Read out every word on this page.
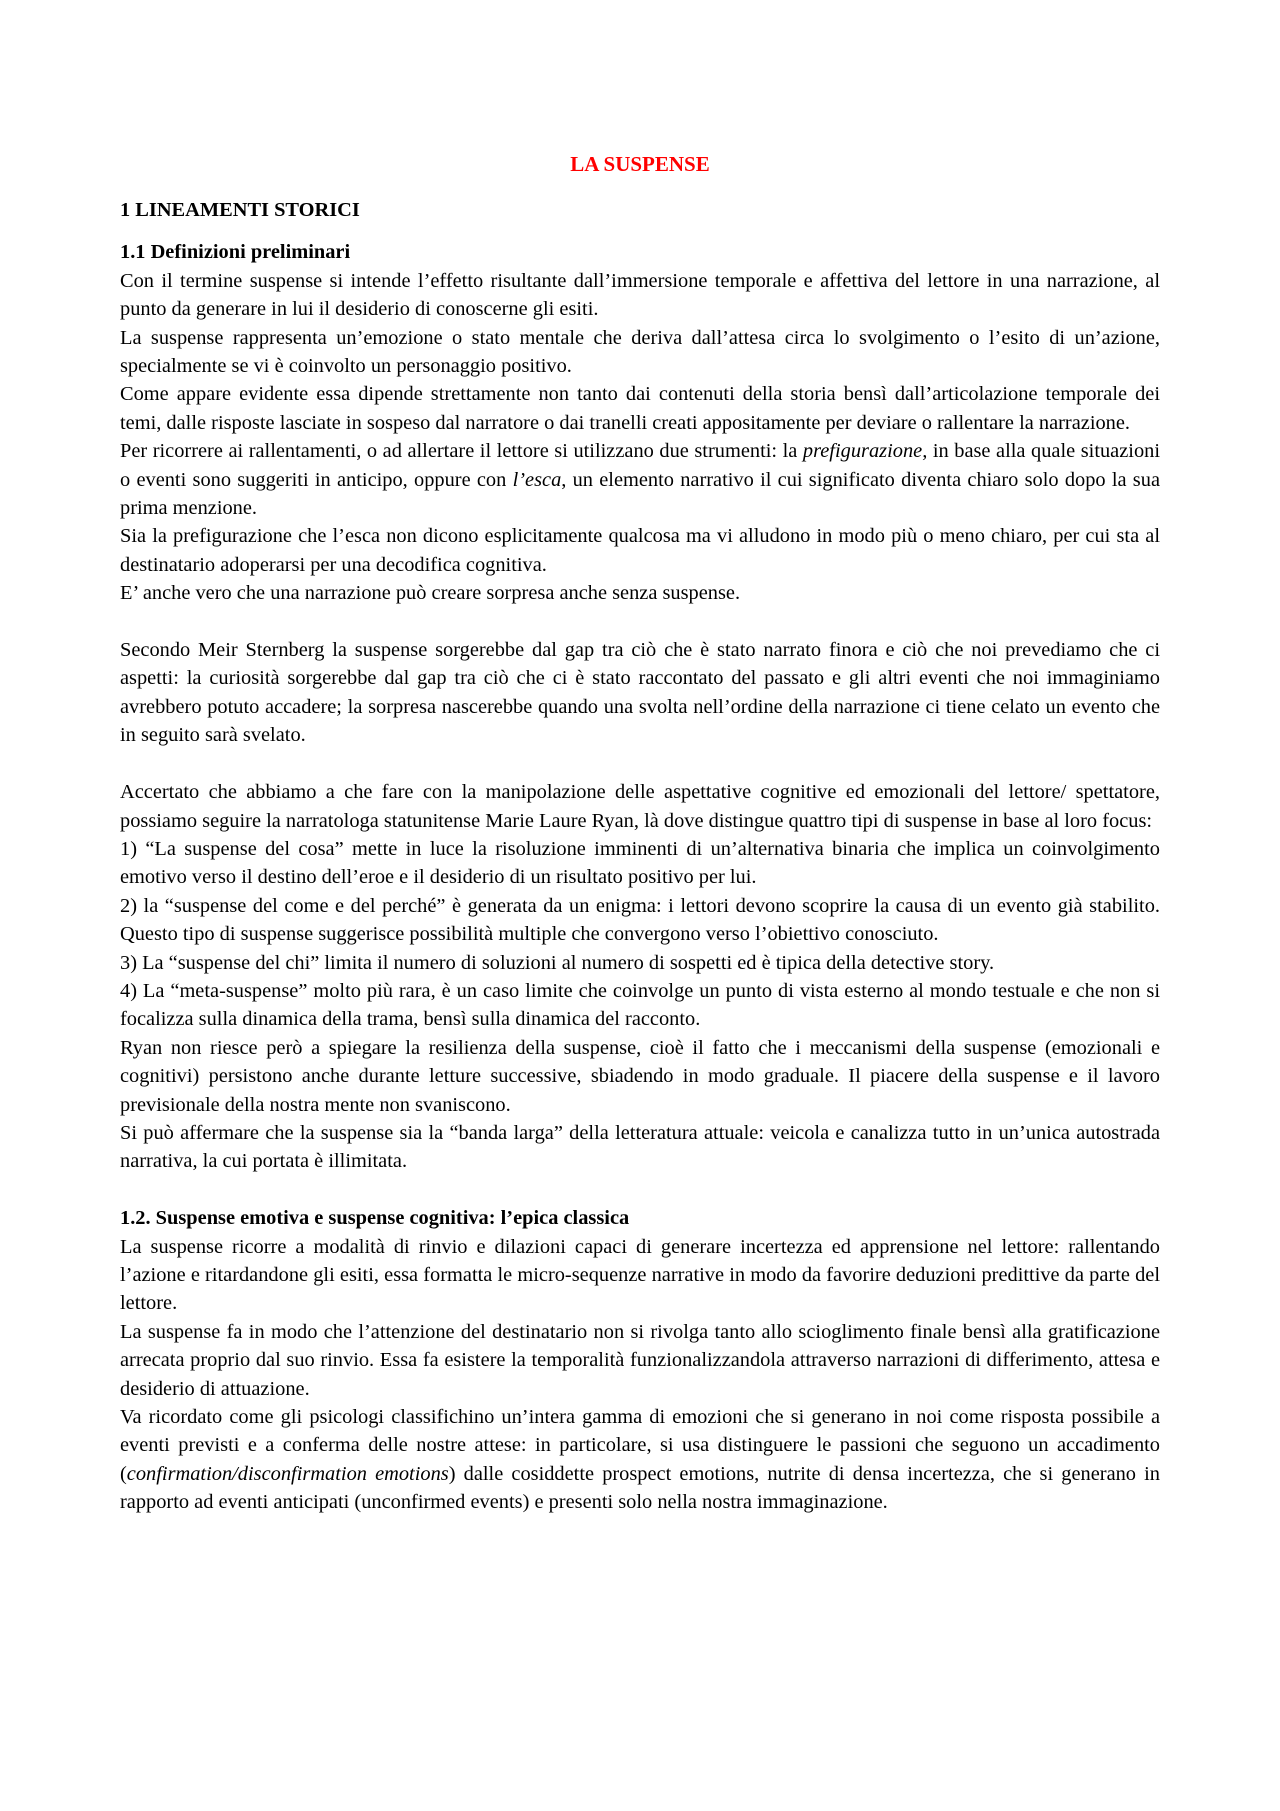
LA SUSPENSE
1 LINEAMENTI STORICI
1.1 Definizioni preliminari

Con il termine suspense si intende l’effetto risultante dall’immersione temporale e affettiva del lettore in una narrazione, al punto da generare in lui il desiderio di conoscerne gli esiti.

La suspense rappresenta un’emozione o stato mentale che deriva dall’attesa circa lo svolgimento o l’esito di un’azione, specialmente se vi è coinvolto un personaggio positivo.

Come appare evidente essa dipende strettamente non tanto dai contenuti della storia bensì dall’articolazione temporale dei temi, dalle risposte lasciate in sospeso dal narratore o dai tranelli creati appositamente per deviare o rallentare la narrazione.

Per ricorrere ai rallentamenti, o ad allertare il lettore si utilizzano due strumenti: la prefigurazione, in base alla quale situazioni o eventi sono suggeriti in anticipo, oppure con l’esca, un elemento narrativo il cui significato diventa chiaro solo dopo la sua prima menzione.

Sia la prefigurazione che l’esca non dicono esplicitamente qualcosa ma vi alludono in modo più o meno chiaro, per cui sta al destinatario adoperarsi per una decodifica cognitiva.

E’ anche vero che una narrazione può creare sorpresa anche senza suspense.

Secondo Meir Sternberg la suspense sorgerebbe dal gap tra ciò che è stato narrato finora e ciò che noi prevediamo che ci aspetti: la curiosità sorgerebbe dal gap tra ciò che ci è stato raccontato del passato e gli altri eventi che noi immaginiamo avrebbero potuto accadere; la sorpresa nascerebbe quando una svolta nell’ordine della narrazione ci tiene celato un evento che in seguito sarà svelato.

Accertato che abbiamo a che fare con la manipolazione delle aspettative cognitive ed emozionali del lettore/ spettatore, possiamo seguire la narratologa statunitense Marie Laure Ryan, là dove distingue quattro tipi di suspense in base al loro focus:

1) “La suspense del cosa” mette in luce la risoluzione imminenti di un’alternativa binaria che implica un coinvolgimento emotivo verso il destino dell’eroe e il desiderio di un risultato positivo per lui.

2) la “suspense del come e del perché” è generata da un enigma: i lettori devono scoprire la causa di un evento già stabilito. Questo tipo di suspense suggerisce possibilità multiple che convergono verso l’obiettivo conosciuto.

3) La “suspense del chi” limita il numero di soluzioni al numero di sospetti ed è tipica della detective story.

4) La “meta-suspense” molto più rara, è un caso limite che coinvolge un punto di vista esterno al mondo testuale e che non si focalizza sulla dinamica della trama, bensì sulla dinamica del racconto.

Ryan non riesce però a spiegare la resilienza della suspense, cioè il fatto che i meccanismi della suspense (emozionali e cognitivi) persistono anche durante letture successive, sbiadendo in modo graduale. Il piacere della suspense e il lavoro previsionale della nostra mente non svaniscono.

Si può affermare che la suspense sia la “banda larga” della letteratura attuale: veicola e canalizza tutto in un’unica autostrada narrativa, la cui portata è illimitata.

1.2. Suspense emotiva e suspense cognitiva: l’epica classica

La suspense ricorre a modalità di rinvio e dilazioni capaci di generare incertezza ed apprensione nel lettore: rallentando l’azione e ritardandone gli esiti, essa formatta le micro-sequenze narrative in modo da favorire deduzioni predittive da parte del lettore.

La suspense fa in modo che l’attenzione del destinatario non si rivolga tanto allo scioglimento finale bensì alla gratificazione arrecata proprio dal suo rinvio. Essa fa esistere la temporalità funzionalizzandola attraverso narrazioni di differimento, attesa e desiderio di attuazione.

Va ricordato come gli psicologi classifichino un’intera gamma di emozioni che si generano in noi come risposta possibile a eventi previsti e a conferma delle nostre attese: in particolare, si usa distinguere le passioni che seguono un accadimento (confirmation/disconfirmation emotions) dalle cosiddette prospect emotions, nutrite di densa incertezza, che si generano in rapporto ad eventi anticipati (unconfirmed events) e presenti solo nella nostra immaginazione.
